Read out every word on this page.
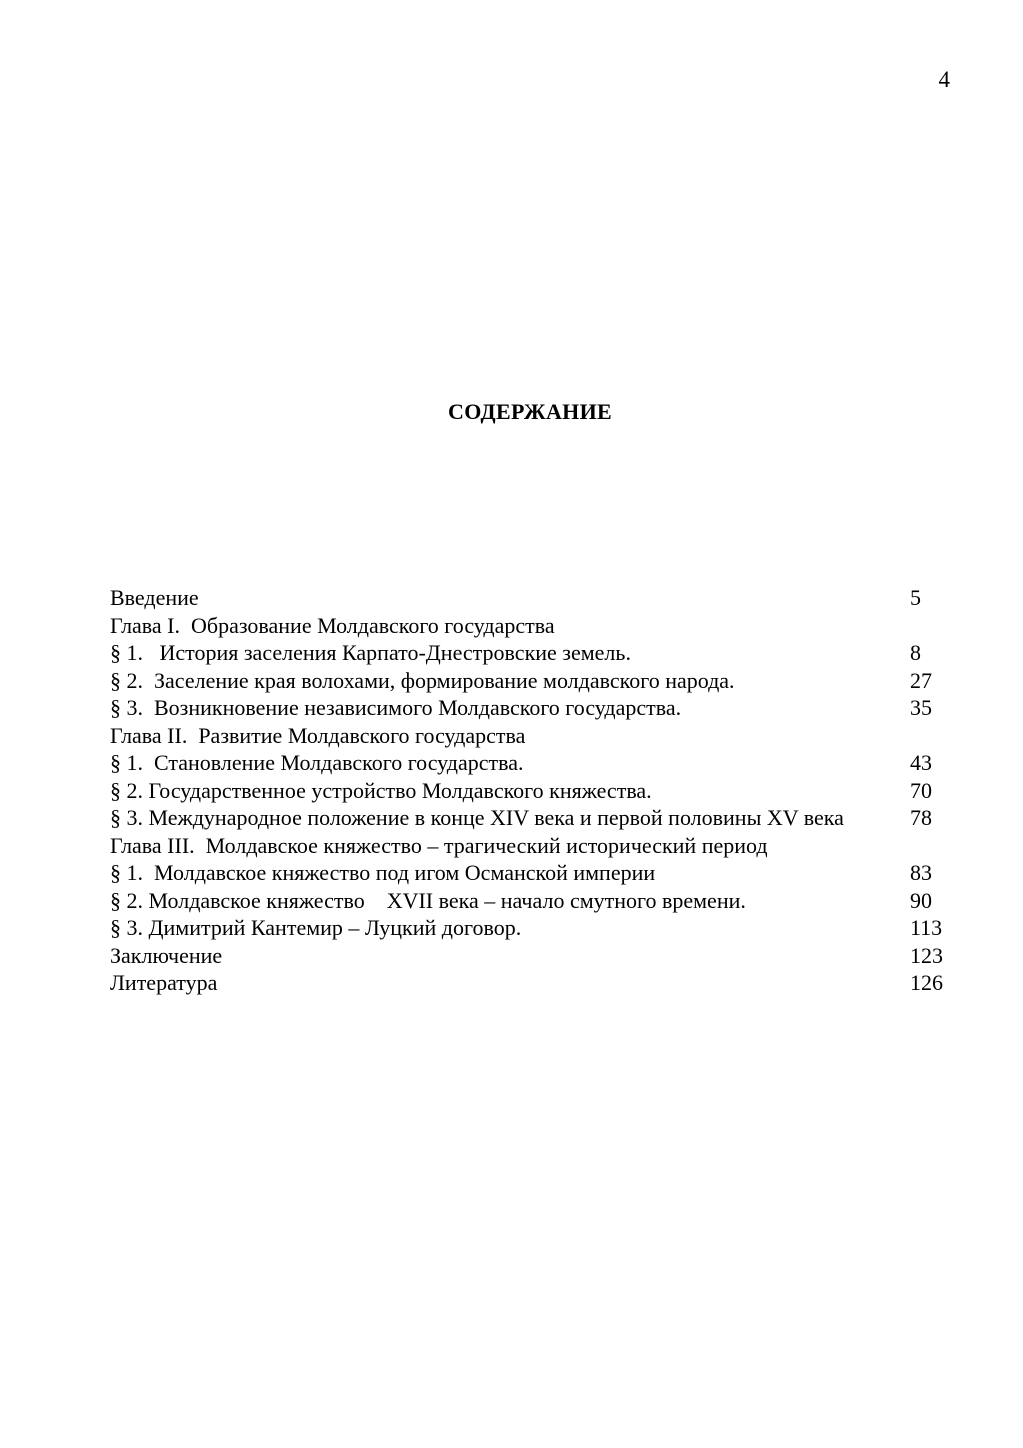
4
СОДЕРЖАНИЕ
Введение	5
Глава I.  Образование Молдавского государства
§ 1.   История заселения Карпато-Днестровские земель.	8
§ 2.  Заселение края волохами, формирование молдавского народа.	27
§ 3.  Возникновение независимого Молдавского государства.	35
Глава II.  Развитие Молдавского государства
§ 1.  Становление Молдавского государства.	43
§ 2. Государственное устройство Молдавского княжества.	70
§ 3. Международное положение в конце XIV века и первой половины XV века	78
Глава III.  Молдавское княжество – трагический исторический период
§ 1.  Молдавское княжество под игом Османской империи	83
§ 2. Молдавское княжество    XVII века – начало смутного времени.	90
§ 3. Димитрий Кантемир – Луцкий договор.	113
Заключение	123
Литература	126
